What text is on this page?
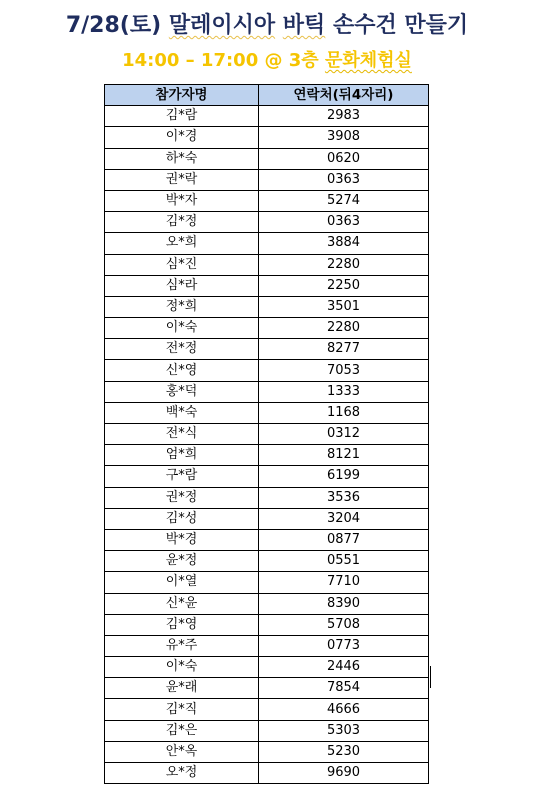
7/28(토) 말레이시아 바틱 손수건 만들기
14:00 – 17:00 @ 3층 문화체험실
참가자명	연락처(뒤4자리)
김*람	2983
이*경	3908
하*숙	0620
권*락	0363
박*자	5274
김*정	0363
오*희	3884
심*진	2280
심*라	2250
정*희	3501
이*숙	2280
전*정	8277
신*영	7053
홍*덕	1333
백*숙	1168
전*식	0312
엄*희	8121
구*람	6199
권*정	3536
김*성	3204
박*경	0877
윤*정	0551
이*열	7710
신*윤	8390
김*영	5708
유*주	0773
이*숙	2446
윤*래	7854
김*직	4666
김*은	5303
안*옥	5230
오*정	9690
